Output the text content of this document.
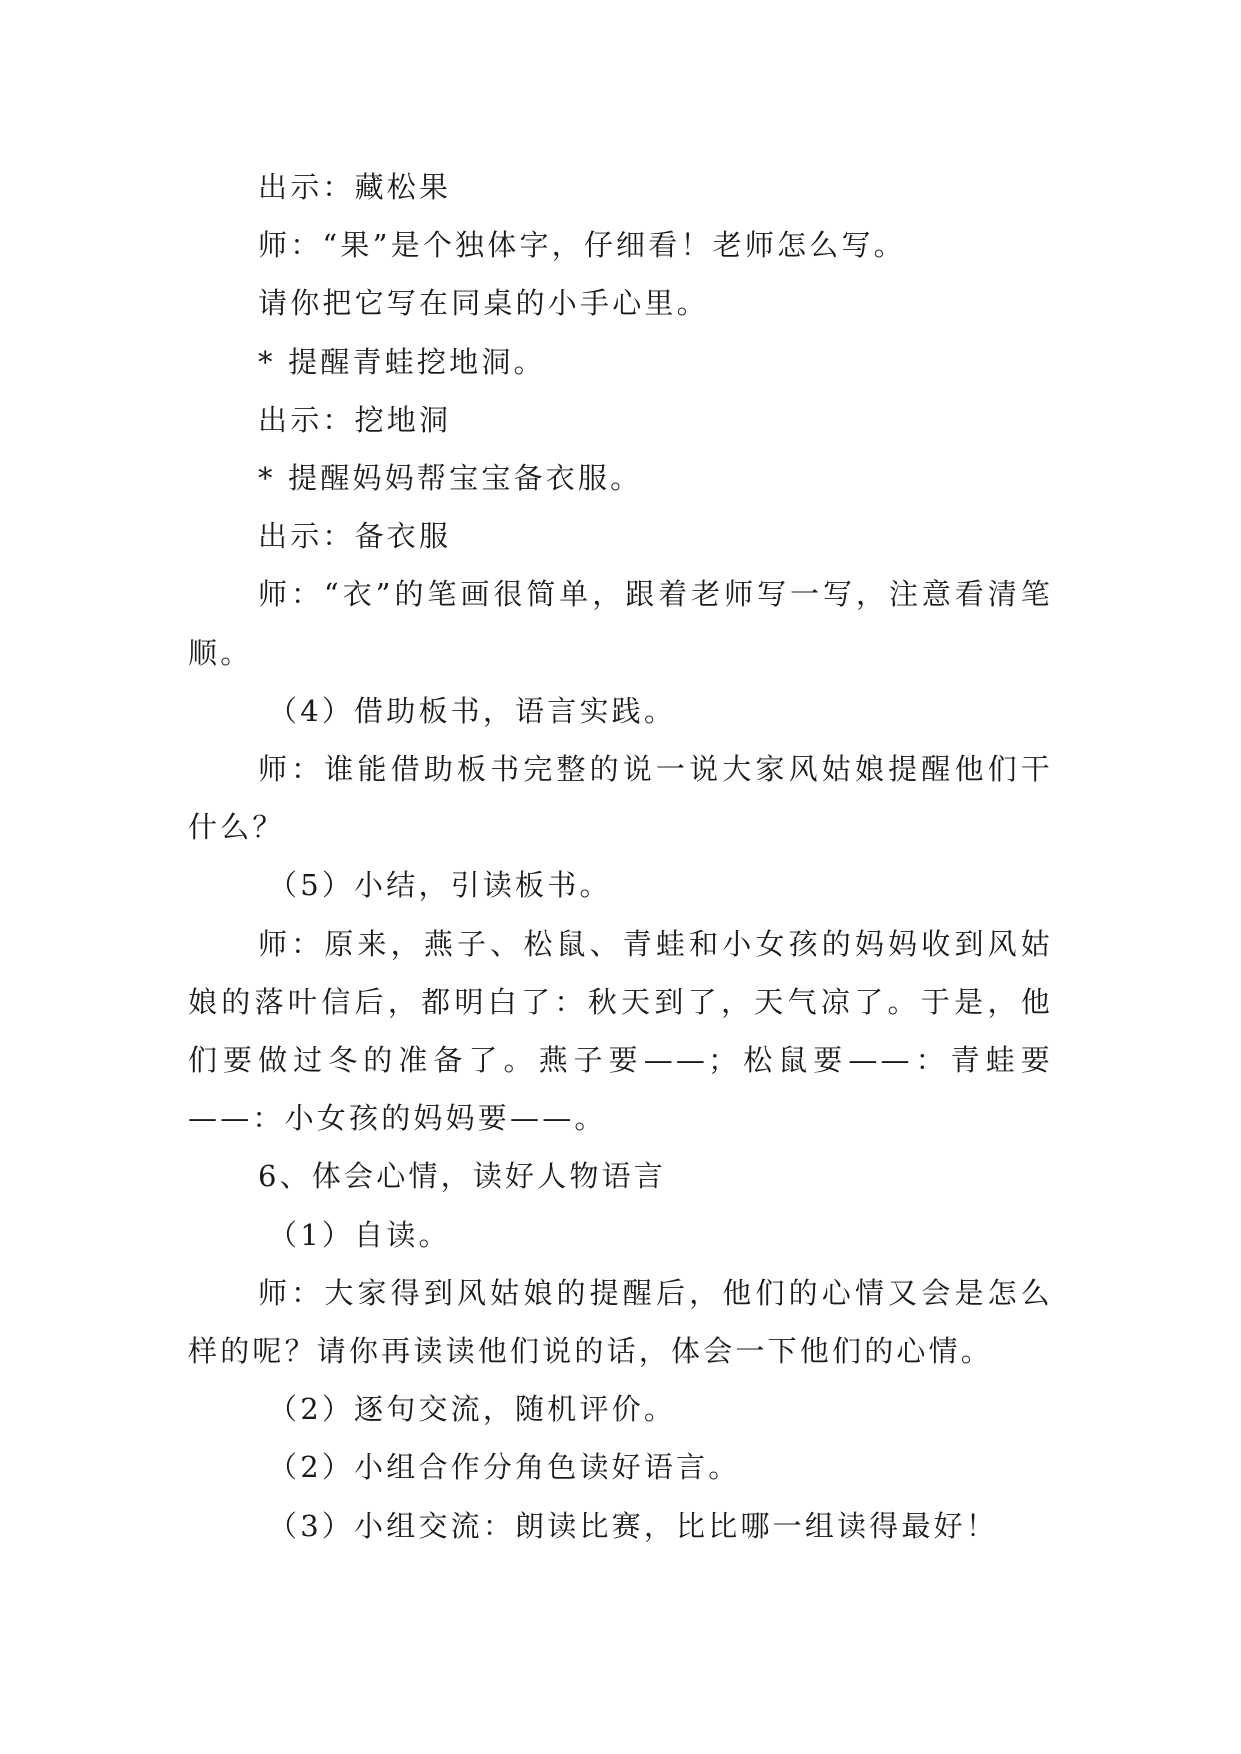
出示：藏松果

师：“果”是个独体字，仔细看！老师怎么写。

请你把它写在同桌的小手心里。

* 提醒青蛙挖地洞。

出示：挖地洞

* 提醒妈妈帮宝宝备衣服。

出示：备衣服

师：“衣”的笔画很简单，跟着老师写一写，注意看清笔顺。

（4）借助板书，语言实践。

师：谁能借助板书完整的说一说大家风姑娘提醒他们干什么？

（5）小结，引读板书。

师：原来，燕子、松鼠、青蛙和小女孩的妈妈收到风姑娘的落叶信后，都明白了：秋天到了，天气凉了。于是，他们要做过冬的准备了。燕子要——；松鼠要——：青蛙要——：小女孩的妈妈要——。

6、体会心情，读好人物语言

（1）自读。

师：大家得到风姑娘的提醒后，他们的心情又会是怎么样的呢？请你再读读他们说的话，体会一下他们的心情。

（2）逐句交流，随机评价。

（2）小组合作分角色读好语言。

（3）小组交流：朗读比赛，比比哪一组读得最好！
